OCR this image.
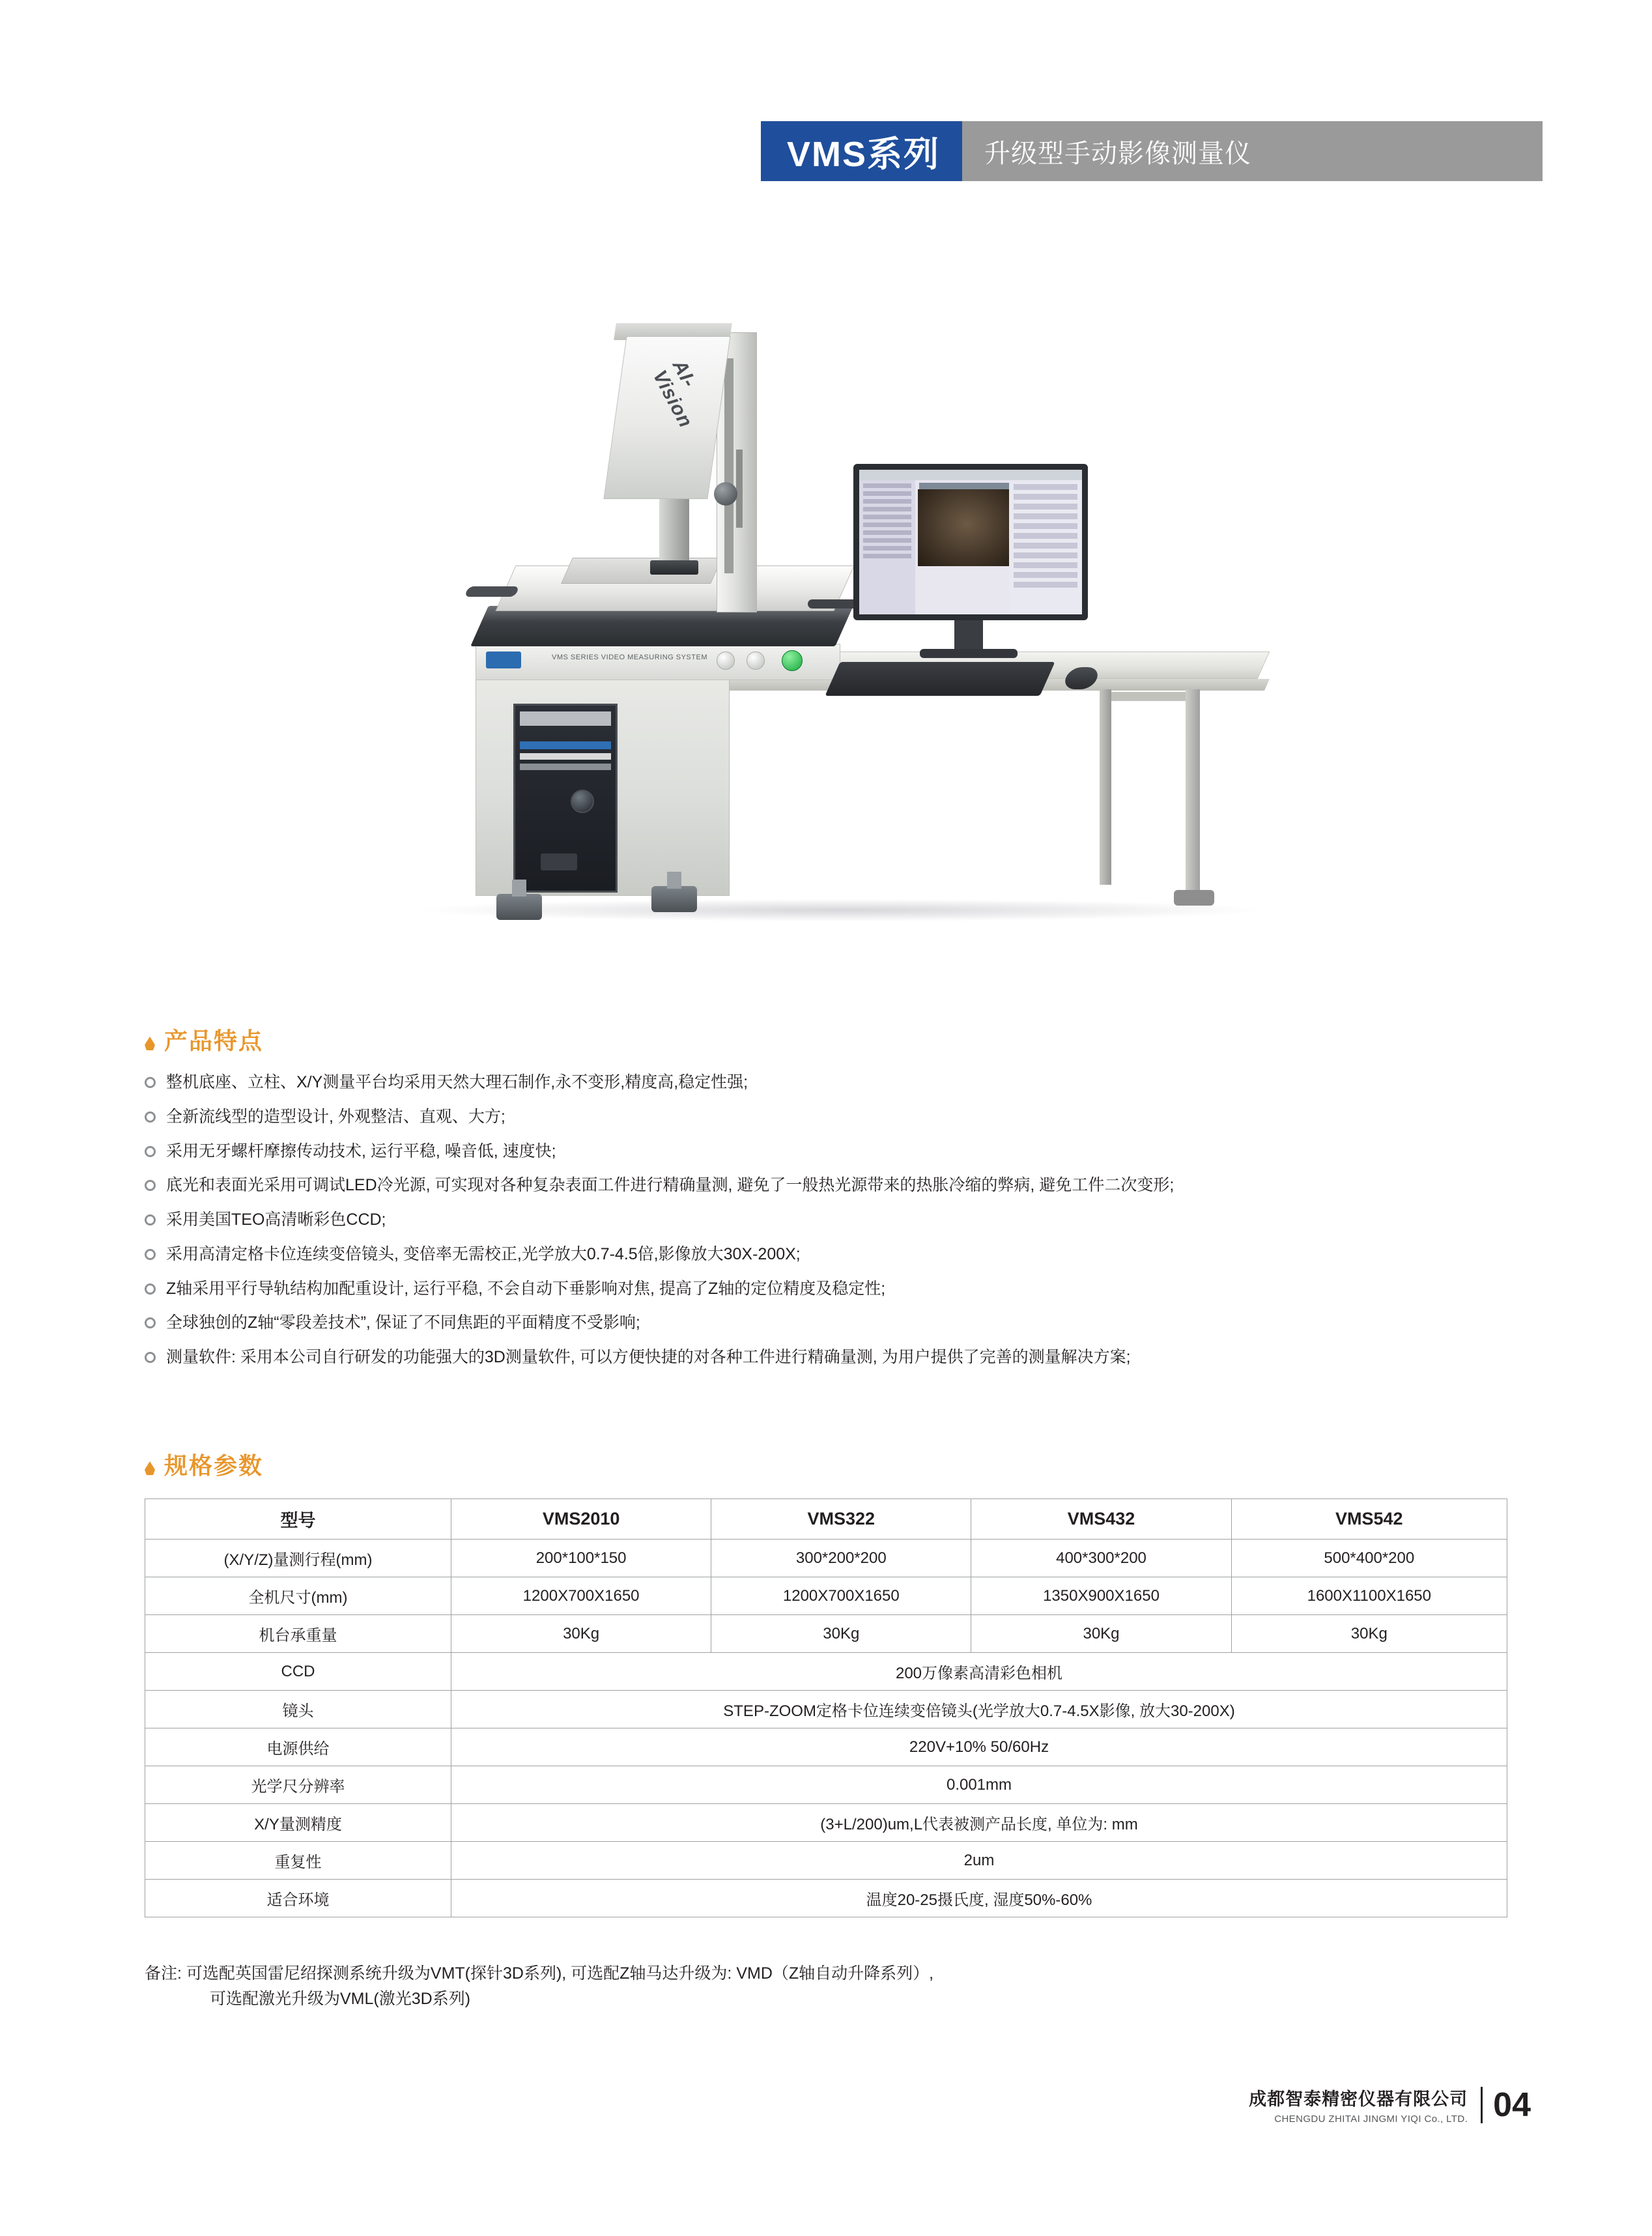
VMS系列	升级型手动影像测量仪
VMS SERIES VIDEO MEASURING SYSTEM
AI-Vision
产品特点
整机底座、立柱、X/Y测量平台均采用天然大理石制作,永不变形,精度高,稳定性强;
全新流线型的造型设计, 外观整洁、直观、大方;
采用无牙螺杆摩擦传动技术, 运行平稳, 噪音低, 速度快;
底光和表面光采用可调试LED冷光源, 可实现对各种复杂表面工件进行精确量测, 避免了一般热光源带来的热胀冷缩的弊病, 避免工件二次变形;
采用美国TEO高清晰彩色CCD;
采用高清定格卡位连续变倍镜头, 变倍率无需校正,光学放大0.7-4.5倍,影像放大30X-200X;
Z轴采用平行导轨结构加配重设计, 运行平稳, 不会自动下垂影响对焦, 提高了Z轴的定位精度及稳定性;
全球独创的Z轴“零段差技术”, 保证了不同焦距的平面精度不受影响;
测量软件: 采用本公司自行研发的功能强大的3D测量软件, 可以方便快捷的对各种工件进行精确量测, 为用户提供了完善的测量解决方案;
规格参数
型号	VMS2010	VMS322	VMS432	VMS542
(X/Y/Z)量测行程(mm)	200*100*150	300*200*200	400*300*200	500*400*200
全机尺寸(mm)	1200X700X1650	1200X700X1650	1350X900X1650	1600X1100X1650
机台承重量	30Kg	30Kg	30Kg	30Kg
CCD	200万像素高清彩色相机			
镜头	STEP-ZOOM定格卡位连续变倍镜头(光学放大0.7-4.5X影像, 放大30-200X)			
电源供给	220V+10% 50/60Hz			
光学尺分辨率	0.001mm			
X/Y量测精度	(3+L/200)um,L代表被测产品长度, 单位为: mm			
重复性	2um			
适合环境	温度20-25摄氏度, 湿度50%-60%			
备注: 可选配英国雷尼绍探测系统升级为VMT(探针3D系列), 可选配Z轴马达升级为: VMD（Z轴自动升降系列）,
可选配激光升级为VML(激光3D系列)
成都智泰精密仪器有限公司
CHENGDU ZHITAI JINGMI YIQI Co., LTD. 04
